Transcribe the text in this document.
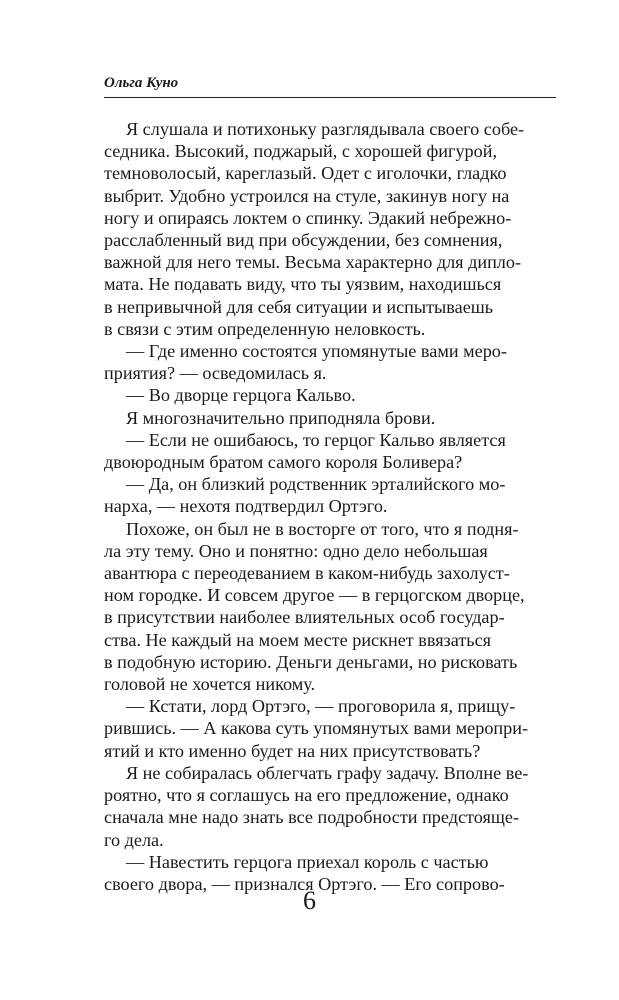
Ольга Куно

Я слушала и потихоньку разглядывала своего собе-
седника. Высокий, поджарый, с хорошей фигурой,
темноволосый, кареглазый. Одет с иголочки, гладко
выбрит. Удобно устроился на стуле, закинув ногу на
ногу и опираясь локтем о спинку. Эдакий небрежно-
расслабленный вид при обсуждении, без сомнения,
важной для него темы. Весьма характерно для дипло-
мата. Не подавать виду, что ты уязвим, находишься
в непривычной для себя ситуации и испытываешь
в связи с этим определенную неловкость.

— Где именно состоятся упомянутые вами меро-
приятия? — осведомилась я.

— Во дворце герцога Кальво.

Я многозначительно приподняла брови.

— Если не ошибаюсь, то герцог Кальво является
двоюродным братом самого короля Боливера?

— Да, он близкий родственник эрталийского мо-
нарха, — нехотя подтвердил Ортэго.

Похоже, он был не в восторге от того, что я подня-
ла эту тему. Оно и понятно: одно дело небольшая
авантюра с переодеванием в каком-нибудь захолуст-
ном городке. И совсем другое — в герцогском дворце,
в присутствии наиболее влиятельных особ государ-
ства. Не каждый на моем месте рискнет ввязаться
в подобную историю. Деньги деньгами, но рисковать
головой не хочется никому.

— Кстати, лорд Ортэго, — проговорила я, прищу-
рившись. — А какова суть упомянутых вами меропри-
ятий и кто именно будет на них присутствовать?

Я не собиралась облегчать графу задачу. Вполне ве-
роятно, что я соглашусь на его предложение, однако
сначала мне надо знать все подробности предстояще-
го дела.

— Навестить герцога приехал король с частью
своего двора, — признался Ортэго. — Его сопрово-

6
